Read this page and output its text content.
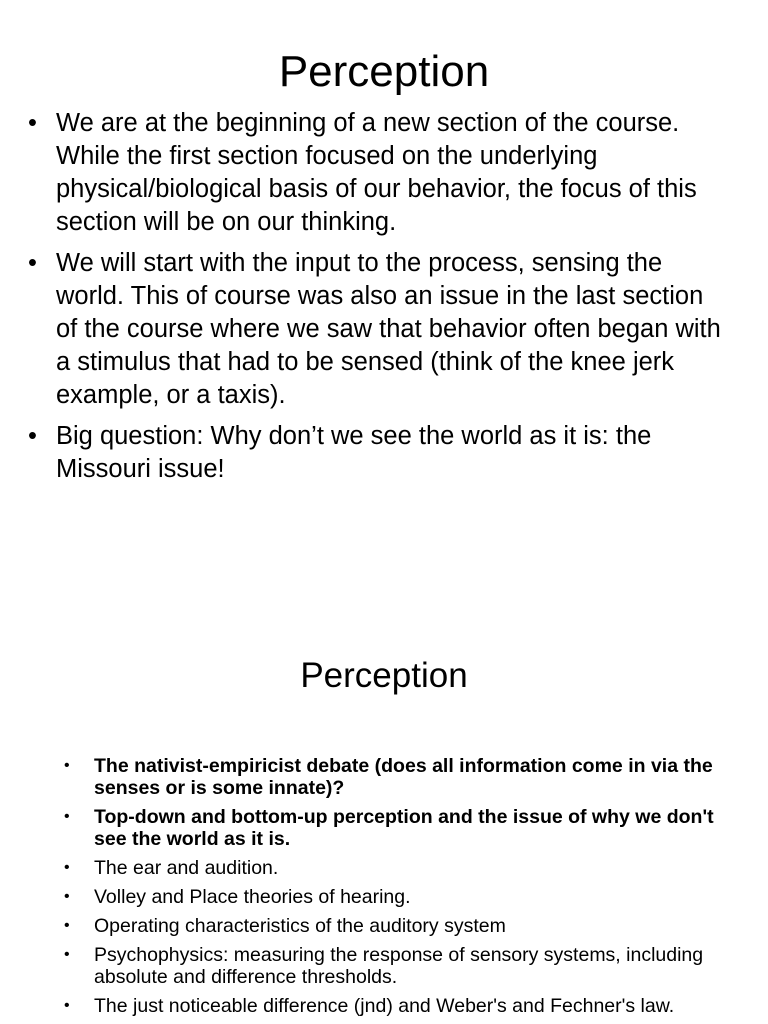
Perception
• We are at the beginning of a new section of the course. While the first section focused on the underlying physical/biological basis of our behavior, the focus of this section will be on our thinking.
• We will start with the input to the process, sensing the world. This of course was also an issue in the last section of the course where we saw that behavior often began with a stimulus that had to be sensed (think of the knee jerk example, or a taxis).
• Big question: Why don’t we see the world as it is: the Missouri issue!
Perception
• The nativist-empiricist debate (does all information come in via the senses or is some innate)?
• Top-down and bottom-up perception and the issue of why we don't see the world as it is.
• The ear and audition.
• Volley and Place theories of hearing.
• Operating characteristics of the auditory system
• Psychophysics: measuring the response of sensory systems, including absolute and difference thresholds.
• The just noticeable difference (jnd) and Weber's and Fechner's law.
